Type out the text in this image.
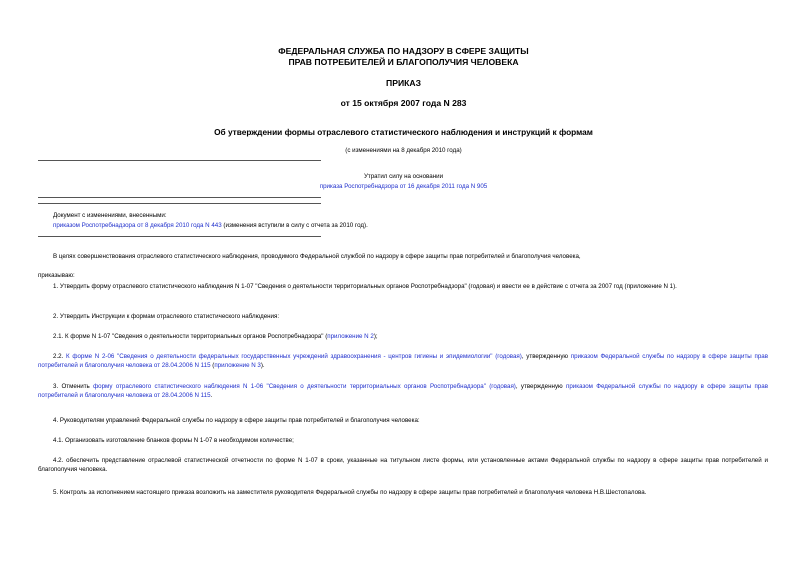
ФЕДЕРАЛЬНАЯ СЛУЖБА ПО НАДЗОРУ В СФЕРЕ ЗАЩИТЫ
ПРАВ ПОТРЕБИТЕЛЕЙ И БЛАГОПОЛУЧИЯ ЧЕЛОВЕКА
ПРИКАЗ
от 15 октября 2007 года N 283
Об утверждении формы отраслевого статистического наблюдения и инструкций к формам
(с изменениями на 8 декабря 2010 года)
Утратил силу на основании
приказа Роспотребнадзора от 16 декабря 2011 года N 905
Документ с изменениями, внесенными:
приказом Роспотребнадзора от 8 декабря 2010 года N 443 (изменения вступили в силу с отчета за 2010 год).
В целях совершенствования отраслевого статистического наблюдения, проводимого Федеральной службой по надзору в сфере защиты прав потребителей и благополучия человека,
приказываю:
1. Утвердить форму отраслевого статистического наблюдения N 1-07 "Сведения о деятельности территориальных органов Роспотребнадзора" (годовая) и ввести ее в действие с отчета за 2007 год (приложение N 1).
2. Утвердить Инструкции к формам отраслевого статистического наблюдения:
2.1. К форме N 1-07 "Сведения о деятельности территориальных органов Роспотребнадзора" (приложение N 2);
2.2. К форме N 2-06 "Сведения о деятельности федеральных государственных учреждений здравоохранения - центров гигиены и эпидемиологии" (годовая), утвержденную приказом Федеральной службы по надзору в сфере защиты прав потребителей и благополучия человека от 28.04.2006 N 115 (приложение N 3).
3. Отменить форму отраслевого статистического наблюдения N 1-06 "Сведения о деятельности территориальных органов Роспотребнадзора" (годовая), утвержденную приказом Федеральной службы по надзору в сфере защиты прав потребителей и благополучия человека от 28.04.2006 N 115.
4. Руководителям управлений Федеральной службы по надзору в сфере защиты прав потребителей и благополучия человека:
4.1. Организовать изготовление бланков формы N 1-07 в необходимом количестве;
4.2. обеспечить представление отраслевой статистической отчетности по форме N 1-07 в сроки, указанные на титульном листе формы, или установленные актами Федеральной службы по надзору в сфере защиты прав потребителей и благополучия человека.
5. Контроль за исполнением настоящего приказа возложить на заместителя руководителя Федеральной службы по надзору в сфере защиты прав потребителей и благополучия человека Н.В.Шестопалова.
